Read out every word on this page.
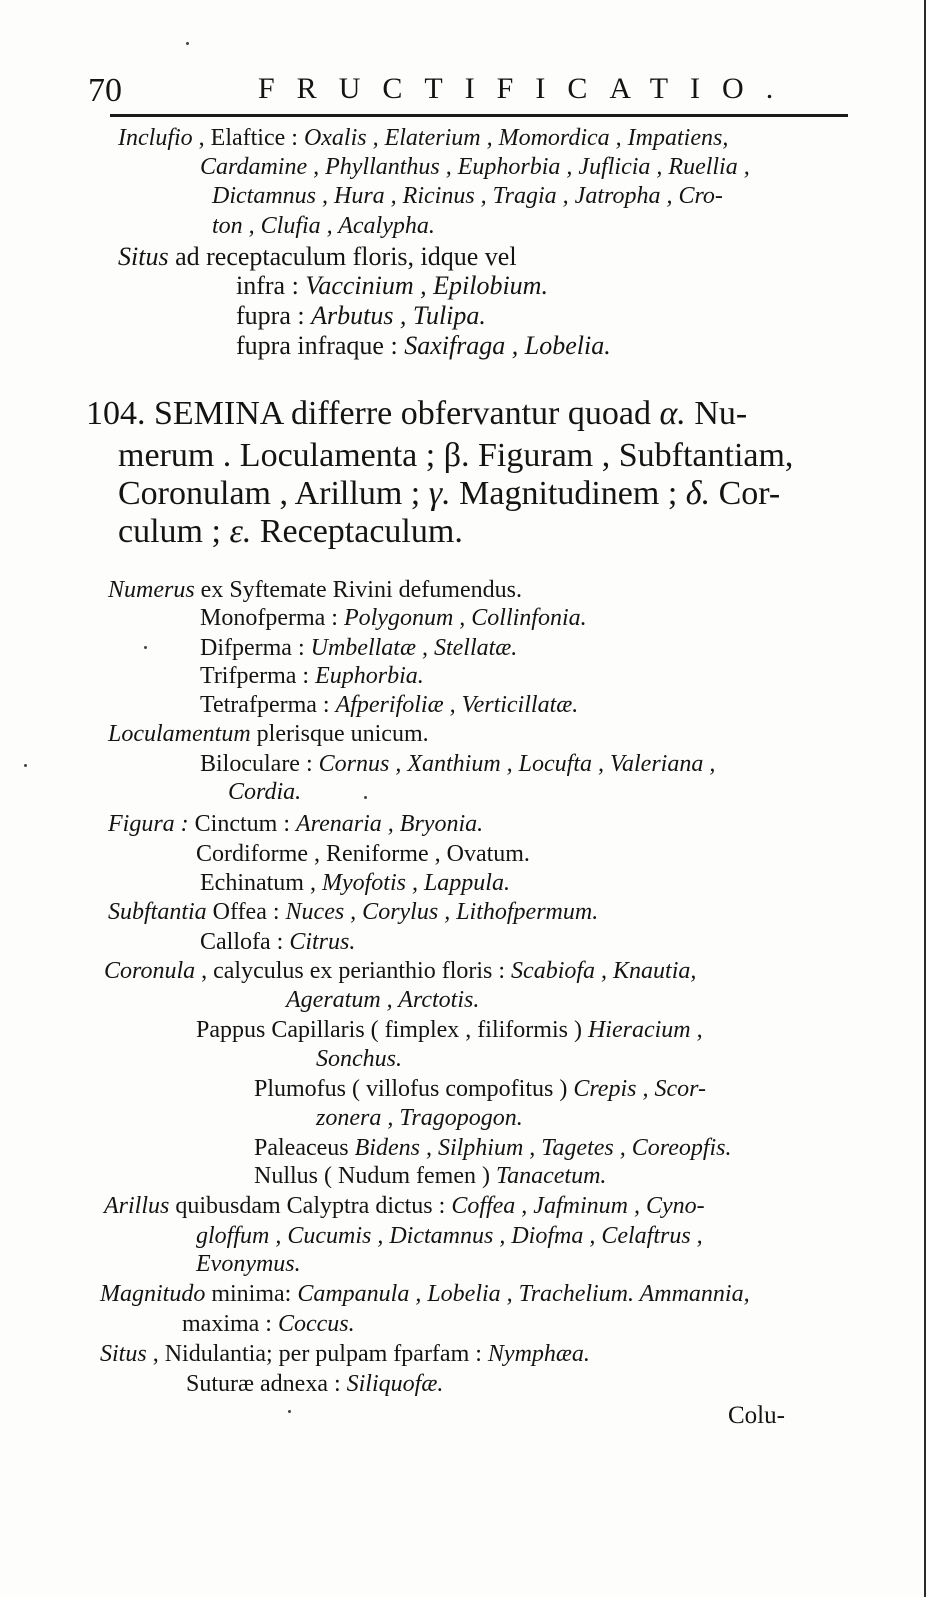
70	FRUCTIFICATIO.
Inclufio , Elaftice : Oxalis , Elaterium , Momordica , Impatiens,
Cardamine , Phyllanthus , Euphorbia , Juflicia , Ruellia ,
Dictamnus , Hura , Ricinus , Tragia , Jatropha , Cro-
ton , Clufia , Acalypha.
Situs ad receptaculum floris, idque vel
infra : Vaccinium , Epilobium.
fupra : Arbutus , Tulipa.
fupra infraque : Saxifraga , Lobelia.
104. SEMINA differre obfervantur quoad α. Nu-
merum . Loculamenta ; β. Figuram , Subftantiam,
Coronulam , Arillum ; γ. Magnitudinem ; δ. Cor-
culum ; ε. Receptaculum.
Numerus ex Syftemate Rivini defumendus.
Monofperma : Polygonum , Collinfonia.
Difperma : Umbellatæ , Stellatæ.
Trifperma : Euphorbia.
Tetrafperma : Afperifoliæ , Verticillatæ.
Loculamentum plerisque unicum.
Biloculare : Cornus , Xanthium , Locufta , Valeriana ,
Cordia.
Figura : Cinctum : Arenaria , Bryonia.
Cordiforme , Reniforme , Ovatum.
Echinatum , Myofotis , Lappula.
Subftantia Offea : Nuces , Corylus , Lithofpermum.
Callofa : Citrus.
Coronula , calyculus ex perianthio floris : Scabiofa , Knautia,
Ageratum , Arctotis.
Pappus Capillaris ( fimplex , filiformis ) Hieracium ,
Sonchus.
Plumofus ( villofus compofitus ) Crepis , Scor-
zonera , Tragopogon.
Paleaceus Bidens , Silphium , Tagetes , Coreopfis.
Nullus ( Nudum femen ) Tanacetum.
Arillus quibusdam Calyptra dictus : Coffea , Jafminum , Cyno-
gloffum , Cucumis , Dictamnus , Diofma , Celaftrus ,
Evonymus.
Magnitudo minima: Campanula , Lobelia , Trachelium. Ammannia,
maxima : Coccus.
Situs , Nidulantia; per pulpam fparfam : Nymphæa.
Suturæ adnexa : Siliquofæ.
Colu-
